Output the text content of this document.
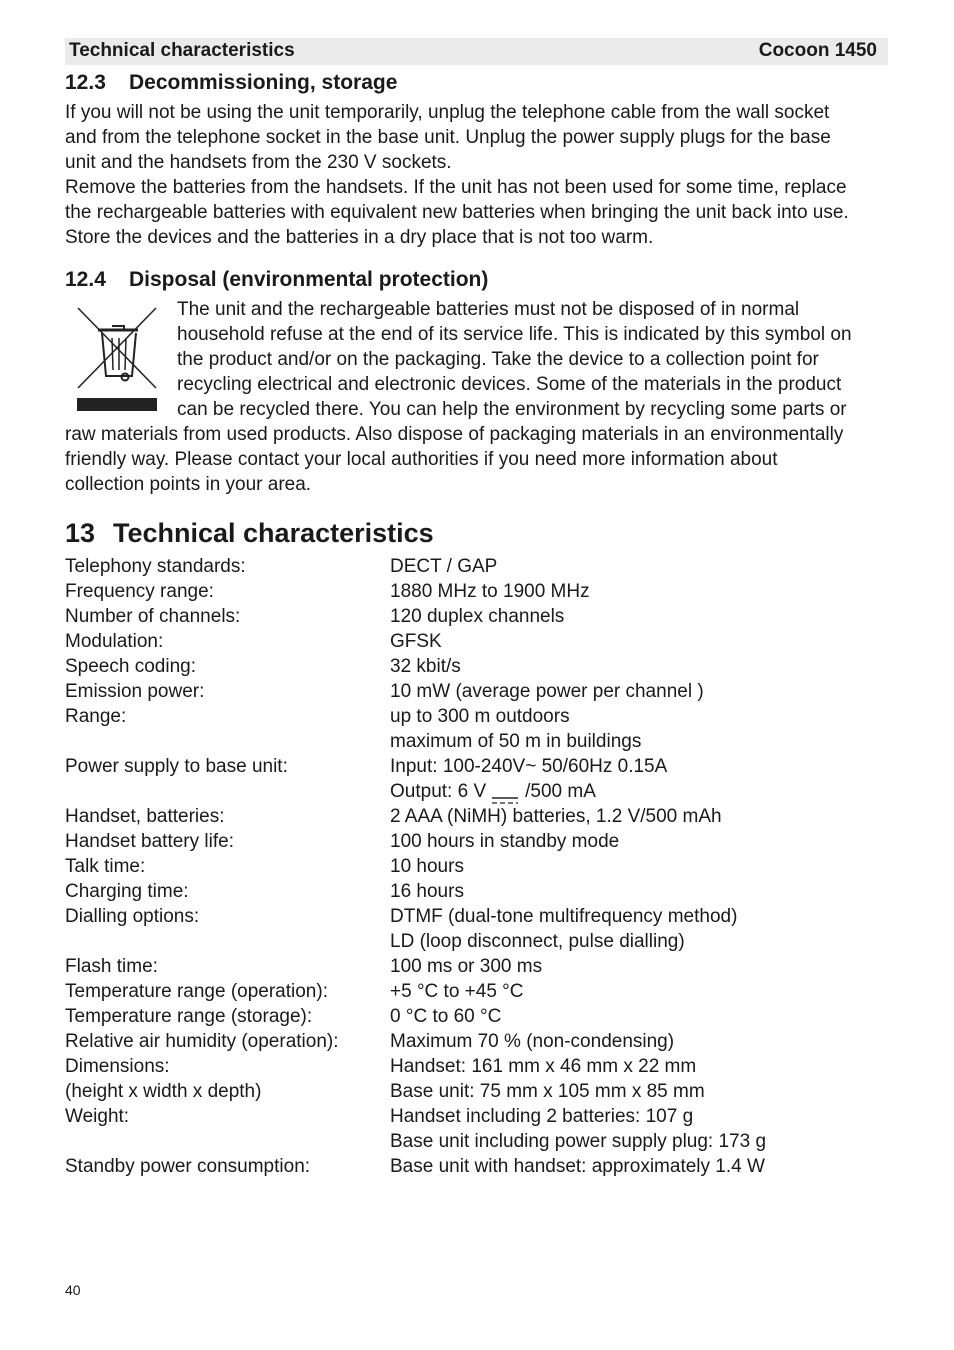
Technical characteristics	Cocoon 1450
12.3 Decommissioning, storage
If you will not be using the unit temporarily, unplug the telephone cable from the wall socket
and from the telephone socket in the base unit. Unplug the power supply plugs for the base
unit and the handsets from the 230 V sockets.
Remove the batteries from the handsets. If the unit has not been used for some time, replace
the rechargeable batteries with equivalent new batteries when bringing the unit back into use.
Store the devices and the batteries in a dry place that is not too warm.
12.4 Disposal (environmental protection)
The unit and the rechargeable batteries must not be disposed of in normal
household refuse at the end of its service life. This is indicated by this symbol on
the product and/or on the packaging. Take the device to a collection point for
recycling electrical and electronic devices. Some of the materials in the product
can be recycled there. You can help the environment by recycling some parts or
raw materials from used products. Also dispose of packaging materials in an environmentally
friendly way. Please contact your local authorities if you need more information about
collection points in your area.
13 Technical characteristics
Telephony standards:	DECT / GAP
Frequency range:	1880 MHz to 1900 MHz
Number of channels:	120 duplex channels
Modulation:	GFSK
Speech coding:	32 kbit/s
Emission power:	10 mW (average power per channel )
Range:	up to 300 m outdoors
maximum of 50 m in buildings
Power supply to base unit:	Input: 100-240V~ 50/60Hz 0.15A
Output: 6 V /500 mA
Handset, batteries:	2 AAA (NiMH) batteries, 1.2 V/500 mAh
Handset battery life:	100 hours in standby mode
Talk time:	10 hours
Charging time:	16 hours
Dialling options:	DTMF (dual-tone multifrequency method)
LD (loop disconnect, pulse dialling)
Flash time:	100 ms or 300 ms
Temperature range (operation):	+5 °C to +45 °C
Temperature range (storage):	0 °C to 60 °C
Relative air humidity (operation):	Maximum 70 % (non-condensing)
Dimensions:	Handset: 161 mm x 46 mm x 22 mm
(height x width x depth)	Base unit: 75 mm x 105 mm x 85 mm
Weight:	Handset including 2 batteries: 107 g
Base unit including power supply plug: 173 g
Standby power consumption:	Base unit with handset: approximately 1.4 W
40
